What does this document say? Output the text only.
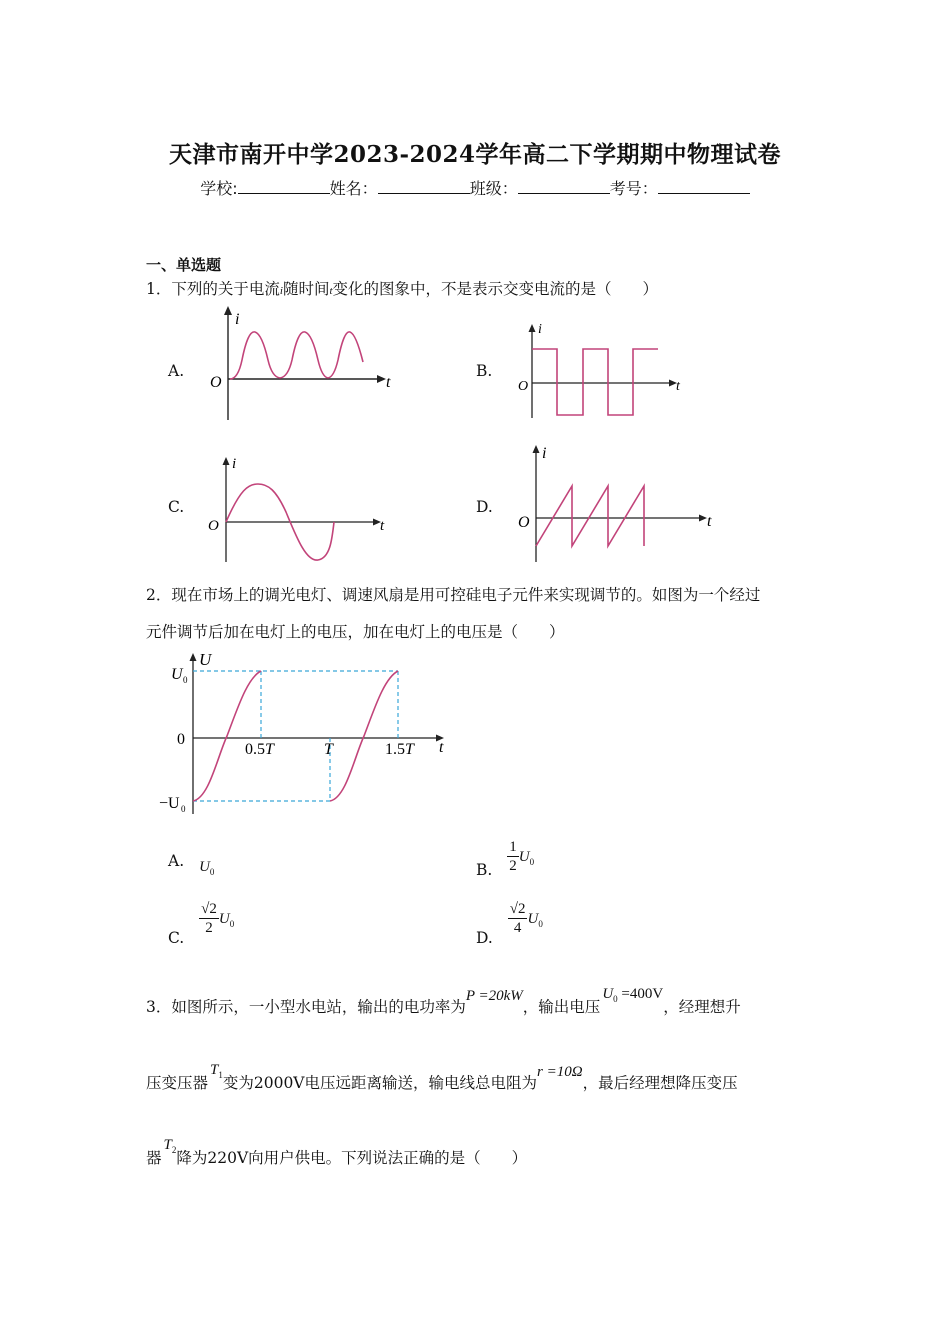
天津市南开中学2023-2024学年高二下学期期中物理试卷
学校:	姓名：	班级：	考号：
一、单选题
1．下列的关于电流i随时间t变化的图象中，不是表示交变电流的是（　　）
A.	B.
C.	D.
i
t
O
i
t
O
i
t
O
i
t
O
2．现在市场上的调光电灯、调速风扇是用可控硅电子元件来实现调节的。如图为一个经过
元件调节后加在电灯上的电压，加在电灯上的电压是（　　）
U
t
U 0
0
−U 0
0.5T	T	1.5T
A. $U_0$	B. $\frac{1}{2} U_0$
C.
$\frac{√2}{2} U_0$
D.
$\frac{√2}{4} U_0$
3．如图所示，一小型水电站，输出的电功率为P =20kW，输出电压$U_0 =400V$，经理想升
压变压器$T_1$变为2000V电压远距离输送，输电线总电阻为r =10Ω，最后经理想降压变压
器$T_2$降为220V向用户供电。下列说法正确的是（　　）
